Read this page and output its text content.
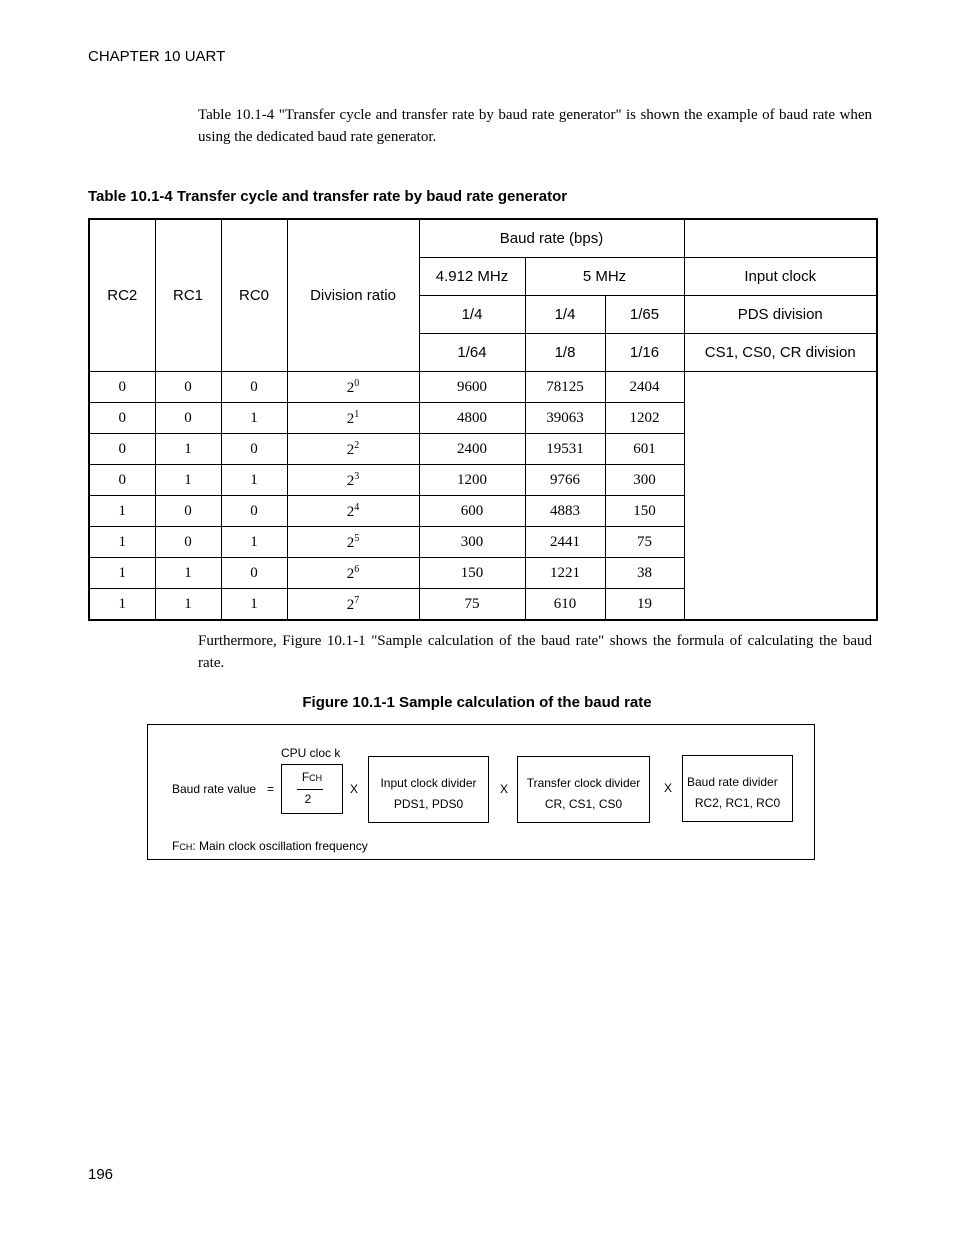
CHAPTER 10 UART
Table 10.1-4 "Transfer cycle and transfer rate by baud rate generator" is shown the example of baud rate when using the dedicated baud rate generator.
Table 10.1-4 Transfer cycle and transfer rate by baud rate generator
RC2	RC1	RC0	Division ratio	Baud rate (bps)			
				4.912 MHz	5 MHz		Input clock
				1/4	1/4	1/65	PDS division
				1/64	1/8	1/16	CS1, CS0, CR division
0	0	0	$2^0$	9600	78125	2404	
0	0	1	$2^1$	4800	39063	1202	
0	1	0	$2^2$	2400	19531	601	
0	1	1	$2^3$	1200	9766	300	
1	0	0	$2^4$	600	4883	150	
1	0	1	$2^5$	300	2441	75	
1	1	0	$2^6$	150	1221	38	
1	1	1	$2^7$	75	610	19	
Furthermore, Figure 10.1-1 "Sample calculation of the baud rate" shows the formula of calculating the baud rate.
Figure 10.1-1 Sample calculation of the baud rate
Baud rate value =
CPU cloc k
FCH
2
X	Input clock divider
PDS1, PDS0
X	Transfer clock divider
CR, CS1, CS0
X Baud rate divider
RC2, RC1, RC0
FCH: Main clock oscillation frequency
196
